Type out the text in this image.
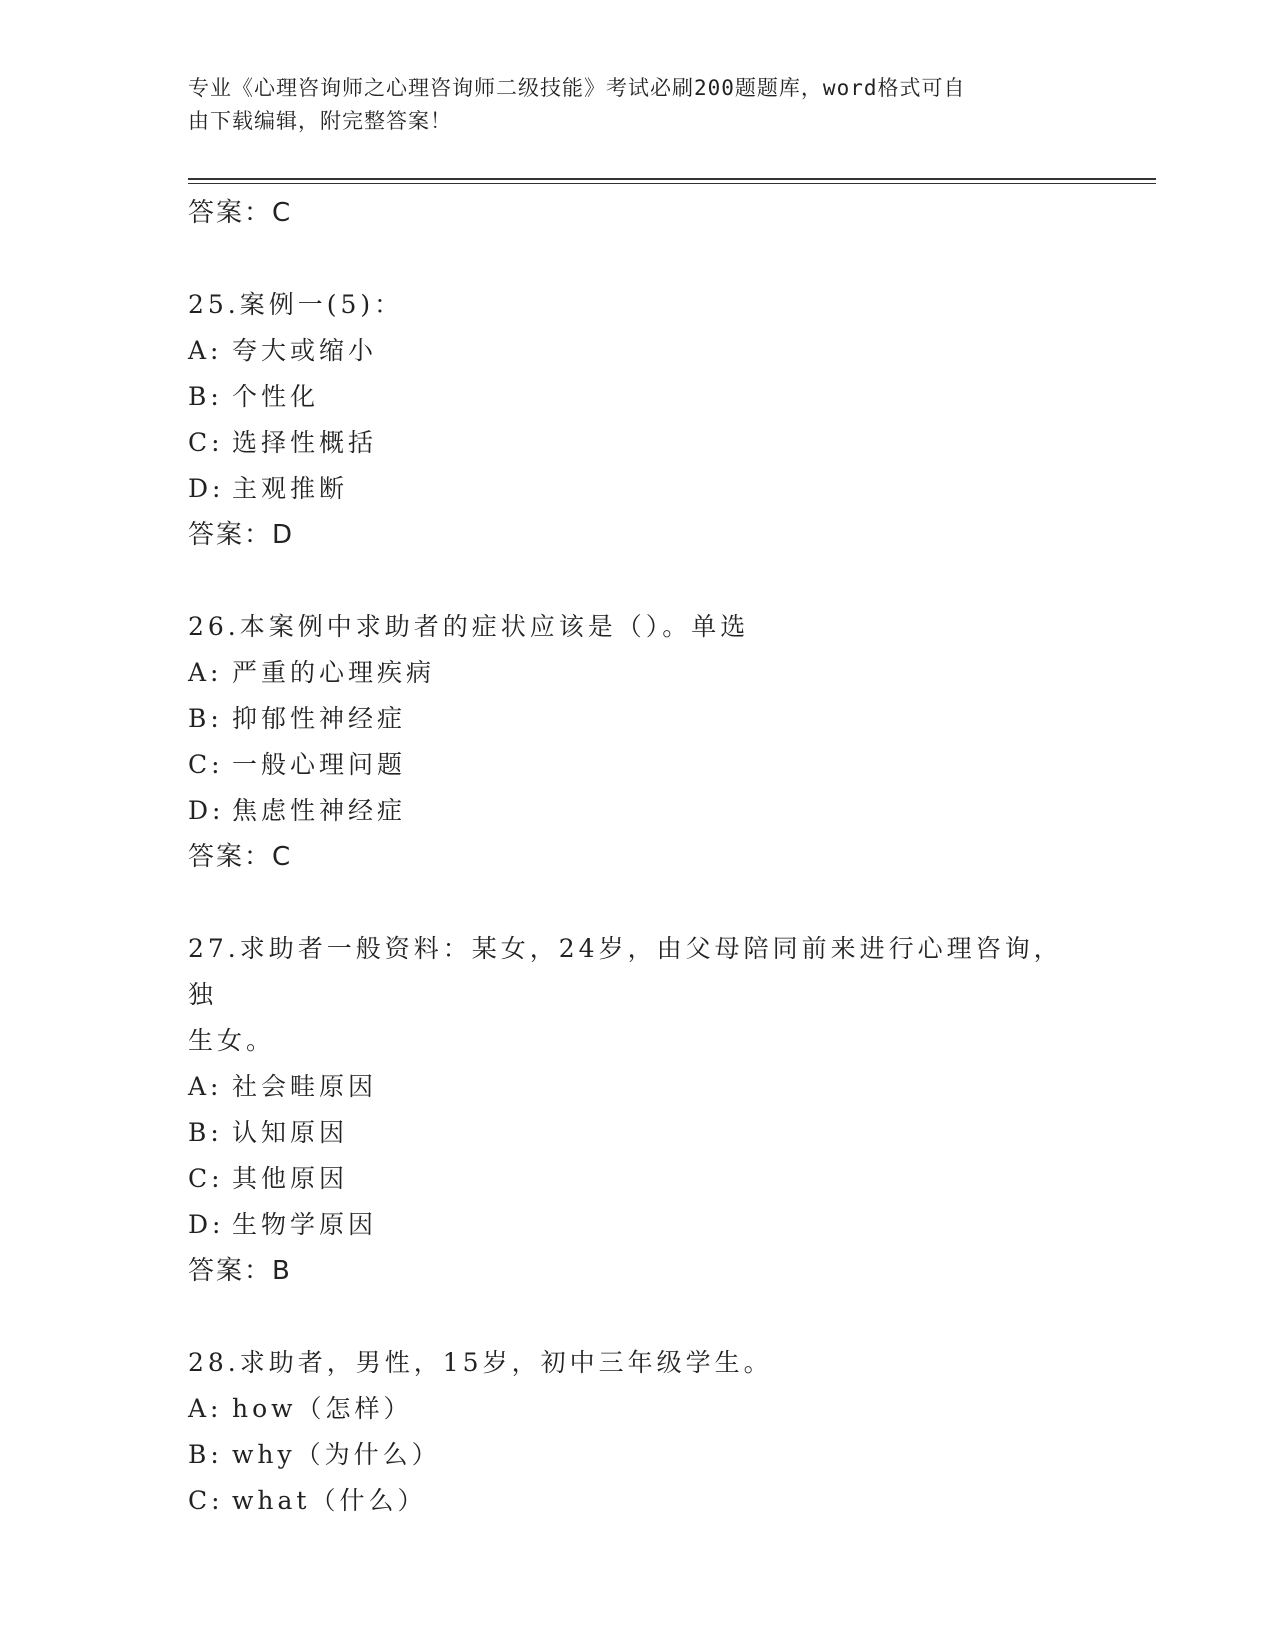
专业《心理咨询师之心理咨询师二级技能》考试必刷200题题库，word格式可自
由下载编辑，附完整答案！

答案：C

25.案例一(5)：

A: 夸大或缩小

B: 个性化

C: 选择性概括

D: 主观推断

答案：D

26.本案例中求助者的症状应该是（）。单选

A: 严重的心理疾病

B: 抑郁性神经症

C: 一般心理问题

D: 焦虑性神经症

答案：C

27.求助者一般资料：某女，24岁，由父母陪同前来进行心理咨询，独

生女。

A: 社会畦原因

B: 认知原因

C: 其他原因

D: 生物学原因

答案：B

28.求助者，男性，15岁，初中三年级学生。

A: how（怎样）

B: why（为什么）

C: what（什么）
